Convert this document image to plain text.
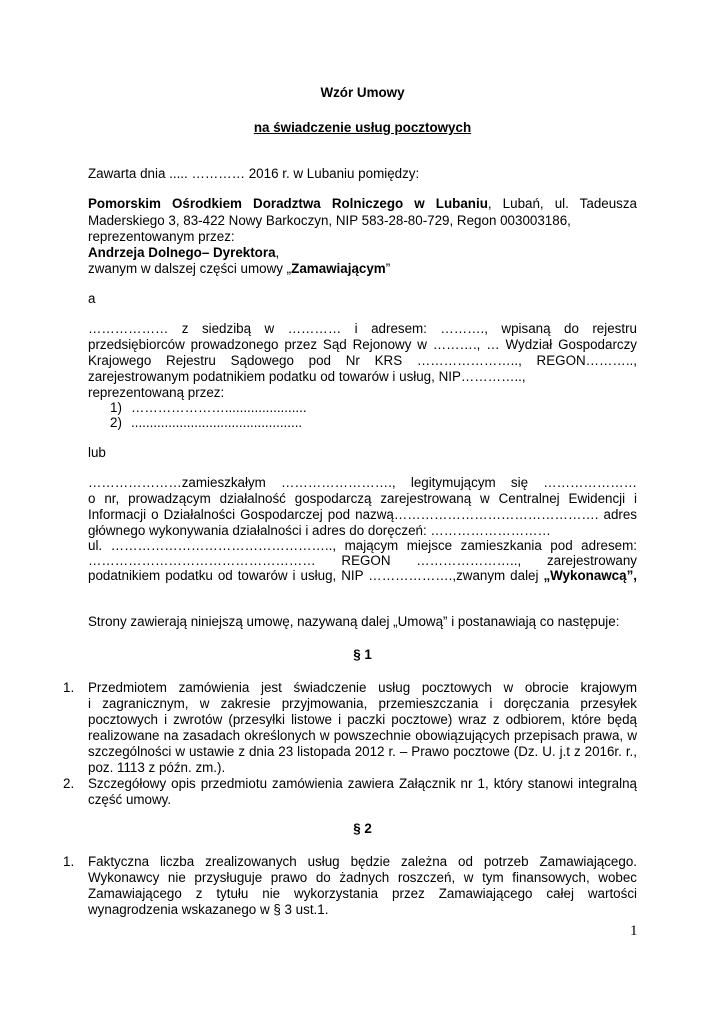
Wzór Umowy
na świadczenie usług pocztowych
Zawarta dnia ..... ………… 2016 r. w Lubaniu pomiędzy:
Pomorskim Ośrodkiem Doradztwa Rolniczego w Lubaniu, Lubań, ul. Tadeusza
Maderskiego 3, 83-422 Nowy Barkoczyn, NIP 583-28-80-729, Regon 003003186,
reprezentowanym przez:
Andrzeja Dolnego– Dyrektora,
zwanym w dalszej części umowy „Zamawiającym”
a
……………… z siedzibą w ………… i adresem: ………., wpisaną do rejestru
przedsiębiorców prowadzonego przez Sąd Rejonowy w ………., … Wydział Gospodarczy
Krajowego Rejestru Sądowego pod Nr KRS ………………….., REGON………..,
zarejestrowanym podatnikiem podatku od towarów i usług, NIP…………..,
reprezentowaną przez:
1) …………………......................
2) ..............................................
lub
…………………zamieszkałym ……………………., legitymującym się …………………
o nr, prowadzącym działalność gospodarczą zarejestrowaną w Centralnej Ewidencji i
Informacji o Działalności Gospodarczej pod nazwą………………………………………. adres
głównego wykonywania działalności i adres do doręczeń: ………………………
ul. ………………………………………….., mającym miejsce zamieszkania pod adresem:
…………………………………………… REGON ………………….., zarejestrowany
podatnikiem podatku od towarów i usług, NIP ……………….,zwanym dalej „Wykonawcą”,
Strony zawierają niniejszą umowę, nazywaną dalej „Umową” i postanawiają co następuje:
§ 1
1. Przedmiotem zamówienia jest świadczenie usług pocztowych w obrocie krajowym
i zagranicznym, w zakresie przyjmowania, przemieszczania i doręczania przesyłek
pocztowych i zwrotów (przesyłki listowe i paczki pocztowe) wraz z odbiorem, które będą
realizowane na zasadach określonych w powszechnie obowiązujących przepisach prawa, w
szczególności w ustawie z dnia 23 listopada 2012 r. – Prawo pocztowe (Dz. U. j.t z 2016r. r.,
poz. 1113 z późn. zm.).
2. Szczegółowy opis przedmiotu zamówienia zawiera Załącznik nr 1, który stanowi integralną
część umowy.
§ 2
1. Faktyczna liczba zrealizowanych usług będzie zależna od potrzeb Zamawiającego.
Wykonawcy nie przysługuje prawo do żadnych roszczeń, w tym finansowych, wobec
Zamawiającego z tytułu nie wykorzystania przez Zamawiającego całej wartości
wynagrodzenia wskazanego w § 3 ust.1.
1
